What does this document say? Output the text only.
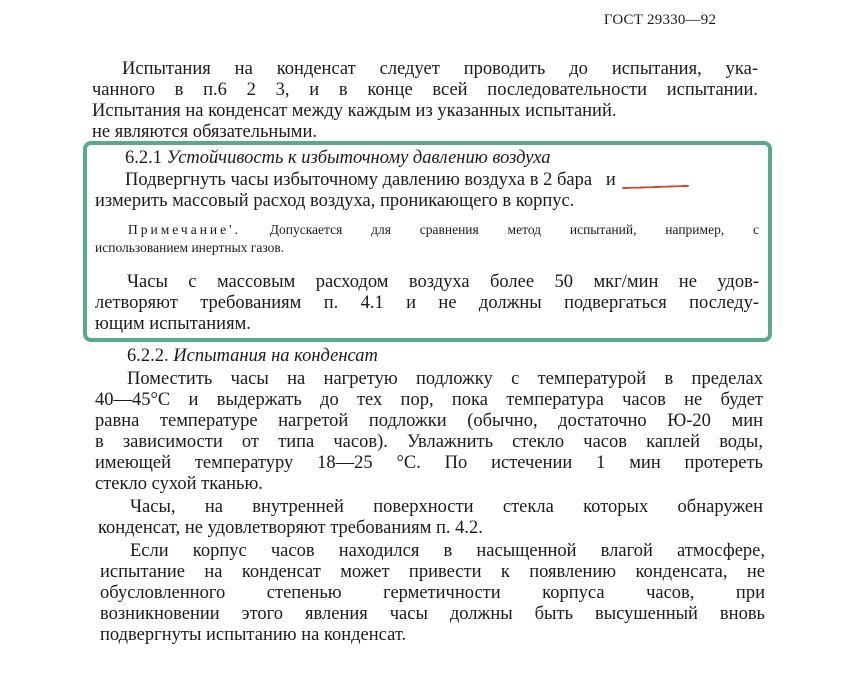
ГОСТ 29330—92
Испытания на конденсат следует проводить до испытания, ука-
чанного в п.6 2 3, и в конце всей последовательности испытании.
Испытания на конденсат между каждым из указанных испытаний.
не являются обязательными.
6.2.1 Устойчивость к избыточному давлению воздуха
Подвергнуть часы избыточному давлению воздуха в 2 бара   и
измерить массовый расход воздуха, проникающего в корпус.
Примечание'. Допускается для сравнения метод испытаний, например, с
использованием инертных газов.
Часы с массовым расходом воздуха более 50 мкг/мин не удов-
летворяют требованиям п. 4.1 и не должны подвергаться последу-
ющим испытаниям.
6.2.2. Испытания на конденсат
Поместить часы на нагретую подложку с температурой в пределах
40—45°С и выдержать до тех пор, пока температура часов не будет
равна температуре нагретой подложки (обычно, достаточно Ю-20 мин
в зависимости от типа часов). Увлажнить стекло часов каплей воды,
имеющей температуру 18—25 °С. По истечении 1 мин протереть
стекло сухой тканью.
Часы, на внутренней поверхности стекла которых обнаружен
конденсат, не удовлетворяют требованиям п. 4.2.
Если корпус часов находился в насыщенной влагой атмосфере,
испытание на конденсат может привести к появлению конденсата, не
обусловленного степенью герметичности корпуса часов, при
возникновении этого явления часы должны быть высушенный вновь
подвергнуты испытанию на конденсат.
